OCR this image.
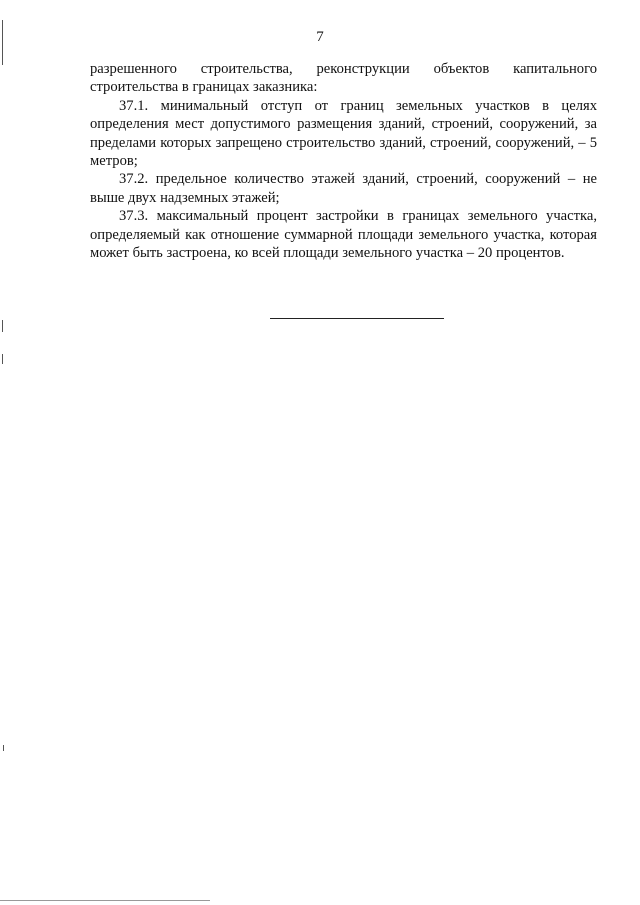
7

разрешенного строительства, реконструкции объектов капитального строительства в границах заказника:

37.1. минимальный отступ от границ земельных участков в целях определения мест допустимого размещения зданий, строений, сооружений, за пределами которых запрещено строительство зданий, строений, сооружений, – 5 метров;

37.2. предельное количество этажей зданий, строений, сооружений – не выше двух надземных этажей;

37.3. максимальный процент застройки в границах земельного участка, определяемый как отношение суммарной площади земельного участка, которая может быть застроена, ко всей площади земельного участка – 20 процентов.
